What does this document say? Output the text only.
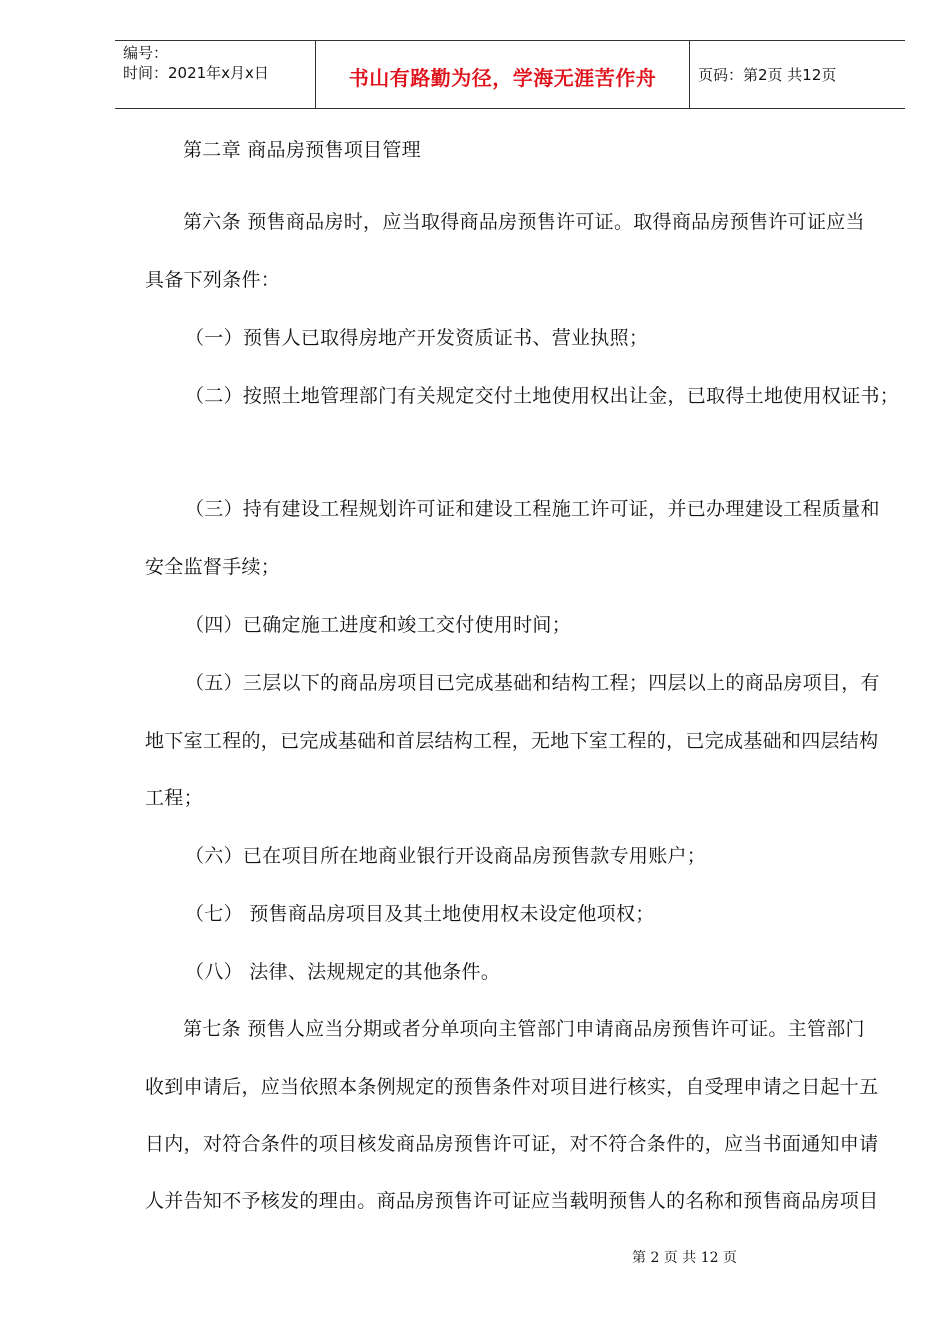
编号：
时间：2021年x月x日	书山有路勤为径，学海无涯苦作舟	页码：第2页 共12页
第二章 商品房预售项目管理
第六条 预售商品房时，应当取得商品房预售许可证。取得商品房预售许可证应当
具备下列条件：
（一）预售人已取得房地产开发资质证书、营业执照；
（二）按照土地管理部门有关规定交付土地使用权出让金，已取得土地使用权证书；
（三）持有建设工程规划许可证和建设工程施工许可证，并已办理建设工程质量和
安全监督手续；
（四）已确定施工进度和竣工交付使用时间；
（五）三层以下的商品房项目已完成基础和结构工程；四层以上的商品房项目，有
地下室工程的，已完成基础和首层结构工程，无地下室工程的，已完成基础和四层结构
工程；
（六）已在项目所在地商业银行开设商品房预售款专用账户；
（七） 预售商品房项目及其土地使用权未设定他项权；
（八） 法律、法规规定的其他条件。
第七条 预售人应当分期或者分单项向主管部门申请商品房预售许可证。主管部门
收到申请后，应当依照本条例规定的预售条件对项目进行核实，自受理申请之日起十五
日内，对符合条件的项目核发商品房预售许可证，对不符合条件的，应当书面通知申请
人并告知不予核发的理由。商品房预售许可证应当载明预售人的名称和预售商品房项目
第 2 页 共 12 页
